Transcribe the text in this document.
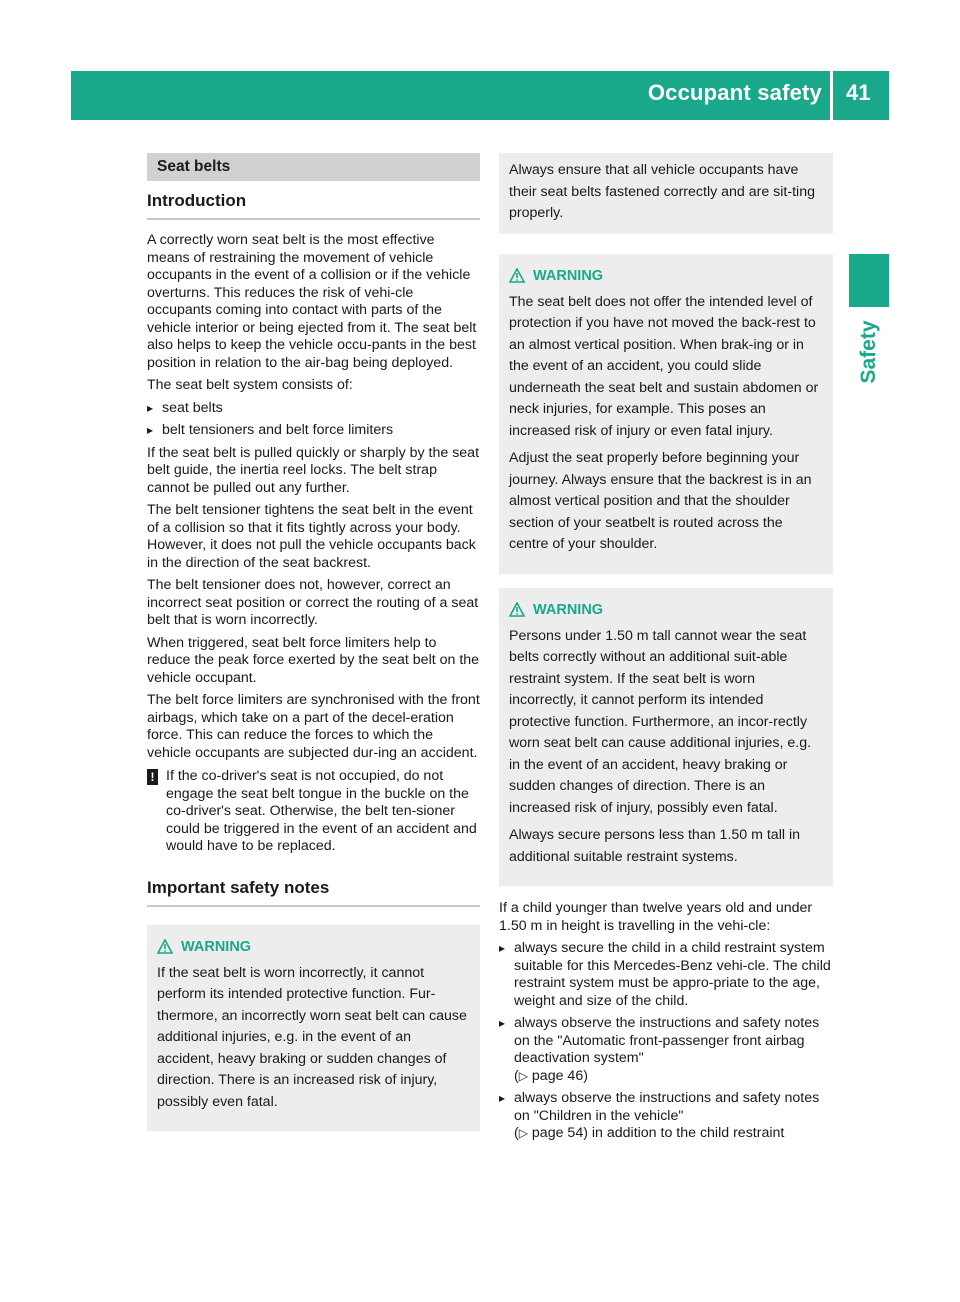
Occupant safety 41
Safety
Seat belts
Introduction

A correctly worn seat belt is the most effective means of restraining the movement of vehicle occupants in the event of a collision or if the vehicle overturns. This reduces the risk of vehi-cle occupants coming into contact with parts of the vehicle interior or being ejected from it. The seat belt also helps to keep the vehicle occu-pants in the best position in relation to the air-bag being deployed.

The seat belt system consists of:

▸ seat belts
▸ belt tensioners and belt force limiters

If the seat belt is pulled quickly or sharply by the seat belt guide, the inertia reel locks. The belt strap cannot be pulled out any further.

The belt tensioner tightens the seat belt in the event of a collision so that it fits tightly across your body. However, it does not pull the vehicle occupants back in the direction of the seat backrest.

The belt tensioner does not, however, correct an incorrect seat position or correct the routing of a seat belt that is worn incorrectly.

When triggered, seat belt force limiters help to reduce the peak force exerted by the seat belt on the vehicle occupant.

The belt force limiters are synchronised with the front airbags, which take on a part of the decel-eration force. This can reduce the forces to which the vehicle occupants are subjected dur-ing an accident.

! If the co-driver's seat is not occupied, do not engage the seat belt tongue in the buckle on the co-driver's seat. Otherwise, the belt ten-sioner could be triggered in the event of an accident and would have to be replaced.
Important safety notes
WARNING

If the seat belt is worn incorrectly, it cannot perform its intended protective function. Fur-thermore, an incorrectly worn seat belt can cause additional injuries, e.g. in the event of an accident, heavy braking or sudden changes of direction. There is an increased risk of injury, possibly even fatal.

Always ensure that all vehicle occupants have their seat belts fastened correctly and are sit-ting properly.

WARNING

The seat belt does not offer the intended level of protection if you have not moved the back-rest to an almost vertical position. When brak-ing or in the event of an accident, you could slide underneath the seat belt and sustain abdomen or neck injuries, for example. This poses an increased risk of injury or even fatal injury.

Adjust the seat properly before beginning your journey. Always ensure that the backrest is in an almost vertical position and that the shoulder section of your seatbelt is routed across the centre of your shoulder.

WARNING

Persons under 1.50 m tall cannot wear the seat belts correctly without an additional suit-able restraint system. If the seat belt is worn incorrectly, it cannot perform its intended protective function. Furthermore, an incor-rectly worn seat belt can cause additional injuries, e.g. in the event of an accident, heavy braking or sudden changes of direction. There is an increased risk of injury, possibly even fatal.

Always secure persons less than 1.50 m tall in additional suitable restraint systems.

If a child younger than twelve years old and under 1.50 m in height is travelling in the vehi-cle:

▸ always secure the child in a child restraint system suitable for this Mercedes-Benz vehi-cle. The child restraint system must be appro-priate to the age, weight and size of the child.
▸ always observe the instructions and safety notes on the "Automatic front-passenger front airbag deactivation system"
(▷ page 46)
▸ always observe the instructions and safety notes on "Children in the vehicle"
(▷ page 54) in addition to the child restraint
